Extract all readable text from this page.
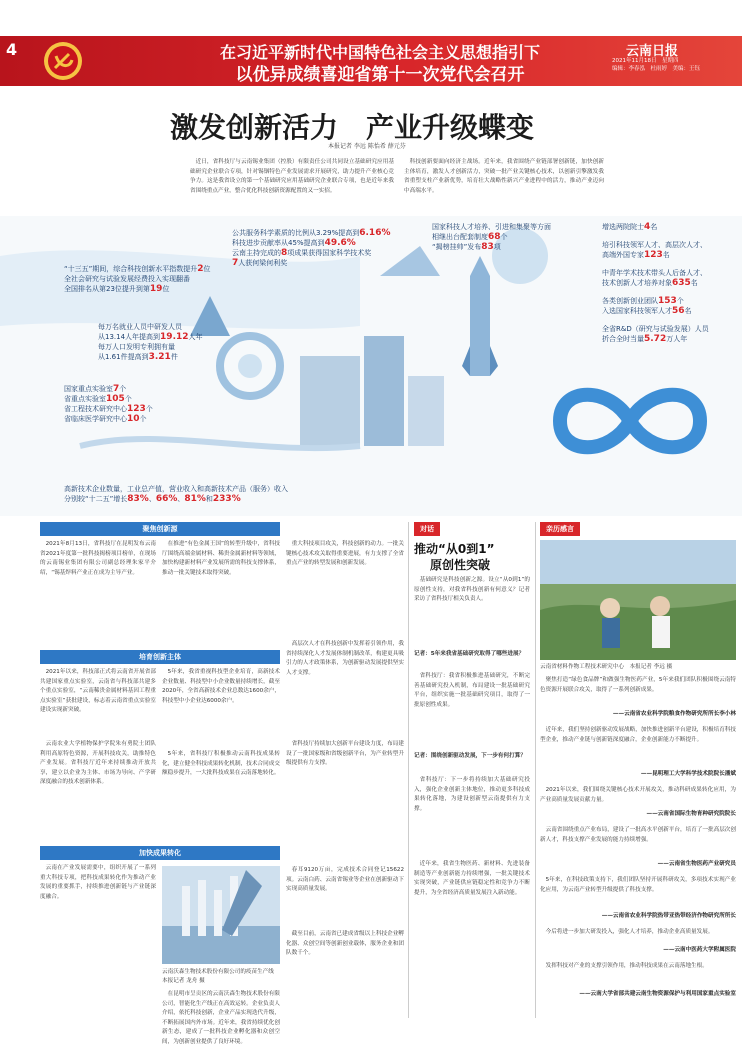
4	在习近平新时代中国特色社会主义思想指引下
以优异成绩喜迎省第十一次党代会召开
云南日报
2021年11月18日　星期四
编辑：李春泓　杜雨婷　美编：王钰
激发创新活力　产业升级蝶变
本报记者 李远 陈怡希 薛元芬
近日，省科技厅与云南锡业集团（控股）有限责任公司共同设立基础研究应用基础研究企业联合专项，针对锡铟特色产业发展需求开展研究，助力提升产业核心竞争力。这是我省设立的第一个基础研究应用基础研究企业联合专项，也是近年来我省围绕重点产业，整合优化科技创新资源配置的又一实招。
科技创新要面向经济主战场。近年来，我省围绕产业链部署创新链，加快创新主体培育，激发人才创新活力，突破一批产业关键核心技术，以创新引擎激发我省重塑支柱产业新优势，培育壮大战略性新兴产业进程中的活力，推动产业迈向中高端水平。
公共服务科学素质的比例从3.29%提高到6.16%
科技进步贡献率从45%提高到49.6%
云南主持完成的8项成果获得国家科学技术奖
7人获何梁何利奖
国家科技人才培养、引进和集聚等方面
相继出台配套制度68个
“揭榜挂帅”发布83项
“十三五”期间，综合科技创新水平指数提升2位
全社会研究与试验发展经费投入实现翻番
全国排名从第23位提升到第19位
每万名就业人员中研发人员
从13.14人年提高到19.12人年
每万人口发明专利拥有量
从1.61件提高到3.21件
国家重点实验室7个
省重点实验室105个
省工程技术研究中心123个
省临床医学研究中心10个
高新技术企业数量，工业总产值，营业收入和高新技术产品（服务）收入
分别较“十二五”增长83%、66%、81%和233%
增选两院院士4名
培引科技领军人才、高层次人才、
高端外国专家123名
中青年学术技术带头人后备人才、
技术创新人才培养对象635名
各类创新创业团队153个
入选国家科技领军人才56名
全省R&D（研究与试验发展）人员
折合全时当量5.72万人年
聚焦创新源
2021年8月13日，省科技厅在昆明发布云南省2021年度第一批科技揭榜项目榜单，在现场的云南锡业集团有限公司副总经理朱家平介绍，“锡基焊料产业正在成为主导产业。
在推进“有色金属王国”的转型升级中，省科技厅围绕高端金属材料、稀贵金属新材料等领域，加快构建新材料产业发展所需的科技支撑体系，推动一批关键技术取得突破。
重大科技项目攻关，科技创新的动力。一批关键核心技术攻关取得重要进展，有力支撑了全省重点产业的转型发展和创新发展。
培育创新主体
2021年以来，科技部正式将云南省开展省部共建国家重点实验室，云南省与科技部共建多个重点实验室，“云南稀贵金属材料基因工程重点实验室”获批建设，标志着云南省重点实验室建设实现新突破。
云南农业大学植物保护学院朱有勇院士团队利用高原特色资源，开展科技攻关，助推特色产业发展。省科技厅近年来持续推动开放共享，建立以企业为主体、市场为导向、产学研深度融合的技术创新体系。
5年来，我省重视科技型企业培育，高新技术企业数量、科技型中小企业数量持续增长，截至2020年，全省高新技术企业总数达1600余户，科技型中小企业达6000余户。
5年来，省科技厅积极推动云南科技成果转化，建立健全科技成果转化机制，技术合同成交额稳步提升，一大批科技成果在云南落地转化。
高层次人才在科技创新中发挥着引领作用，我省持续深化人才发展体制机制改革，构建更具吸引力的人才政策体系，为创新驱动发展提供坚实人才支撑。
省科技厅持续加大创新平台建设力度，布局建设了一批国家级和省级创新平台，为产业转型升级提供有力支撑。
加快成果转化
云南在产业发展需要中，组织开展了一系列重大科技专项，把科技成果转化作为推动产业发展的重要抓手，持续推进创新链与产业链深度融合。
春耳9120万亩，完成技术合同登记15622项。云南白药、云南省锡业等企业在创新驱动下实现高质量发展。
截至目前，云南省已建成省级以上科技企业孵化器、众创空间等创新创业载体，服务企业和团队数千个。
云南沃森生物技术股份有限公司的疫苗生产线　本报记者 龙舟 摄
在昆明市呈贡区的云南沃森生物技术股份有限公司，智能化生产线正在高效运转。企业负责人介绍，依托科技创新，企业产品实现迭代升级，不断拓展国内外市场。近年来，我省持续优化创新生态，建成了一批科技企业孵化器和众创空间，为创新创业提供了良好环境。
对话
推动“从0到1”
原创性突破
基础研究是科技创新之源。设立“从0到1”的原创性支持，对我省科技创新有何意义？记者采访了省科技厅相关负责人。
记者：5年来我省基础研究取得了哪些进展？
省科技厅：我省积极推进基础研究，不断完善基础研究投入机制，布局建设一批基础研究平台，组织实施一批基础研究项目，取得了一批原创性成果。
记者：围绕创新驱动发展，下一步有何打算？
省科技厅：下一步将持续加大基础研究投入，强化企业创新主体地位，推动更多科技成果转化落地，为建设创新型云南提供有力支撑。
近年来，我省生物医药、新材料、先进装备制造等产业创新能力持续增强，一批关键技术实现突破，产业链供应链稳定性和竞争力不断提升，为全省经济高质量发展注入新动能。
亲历感言
云南省材料作物工程技术研究中心　本报记者 李远 摄
聚焦打造“绿色食品牌”和做强生物医药产业，5年来我们团队积极围绕云南特色资源开展联合攻关，取得了一系列创新成果。
——云南省农业科学院粮食作物研究所所长李小林
近年来，我们坚持创新驱动发展战略，加快推进创新平台建设，积极培育科技型企业，推动产业链与创新链深度融合，企业创新能力不断提升。
——昆明理工大学科学技术院院长潘斌
2021年以来，我们围绕关键核心技术开展攻关，推动科研成果转化应用，为产业高质量发展贡献力量。
——云南省国际生物育种研究院院长
云南省围绕重点产业布局，建设了一批高水平创新平台，培育了一批高层次创新人才，科技支撑产业发展的能力持续增强。
——云南省生物医药产业研究员
5年来，在科技政策支持下，我们团队坚持开展科研攻关，多项技术实现产业化应用，为云南产业转型升级提供了科技支撑。
——云南省农业科学院热带亚热带经济作物研究所所长
今后将进一步加大研发投入，强化人才培养，推动企业高质量发展。
——云南中医药大学附属医院
发挥科技对产业的支撑引领作用，推动科技成果在云南落地生根。
——云南大学省部共建云南生物资源保护与利用国家重点实验室
